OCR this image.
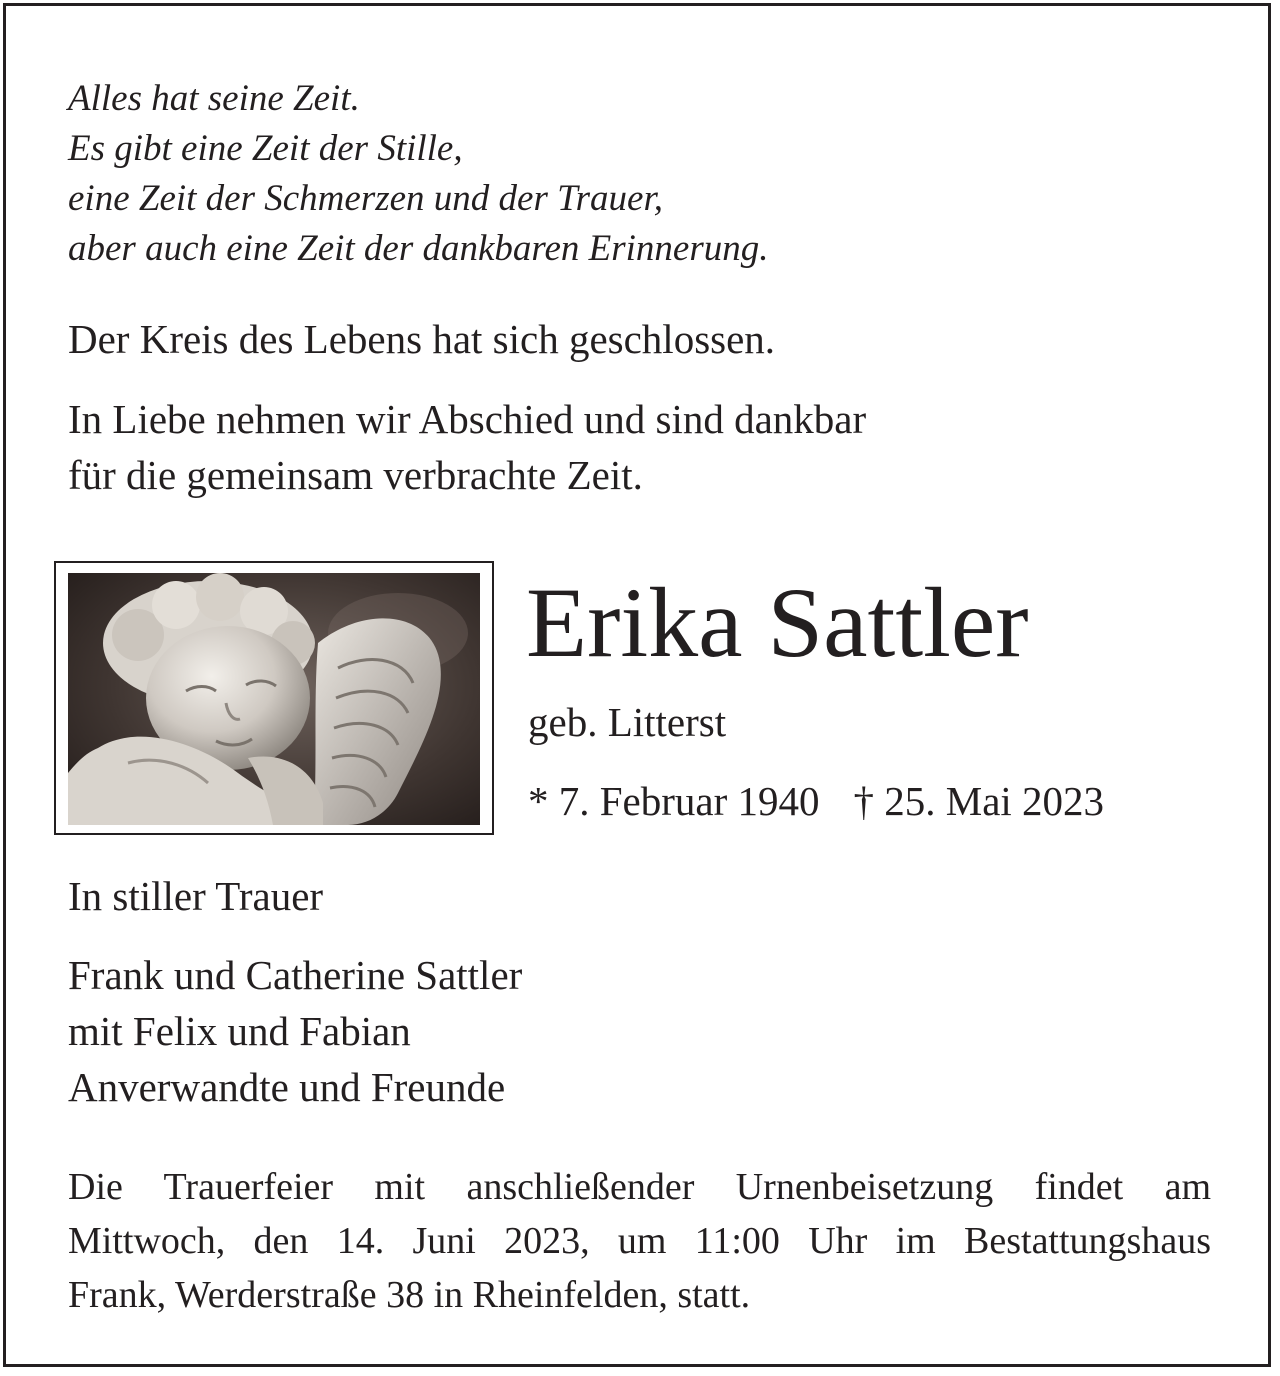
Alles hat seine Zeit.
Es gibt eine Zeit der Stille,
eine Zeit der Schmerzen und der Trauer,
aber auch eine Zeit der dankbaren Erinnerung.
Der Kreis des Lebens hat sich geschlossen.
In Liebe nehmen wir Abschied und sind dankbar
für die gemeinsam verbrachte Zeit.
Erika Sattler
geb. Litterst
* 7. Februar 1940 † 25. Mai 2023
In stiller Trauer
Frank und Catherine Sattler
mit Felix und Fabian
Anverwandte und Freunde
Die Trauerfeier mit anschließender Urnenbeisetzung findet am
Mittwoch, den 14. Juni 2023, um 11:00 Uhr im Bestattungshaus
Frank, Werderstraße 38 in Rheinfelden, statt.
